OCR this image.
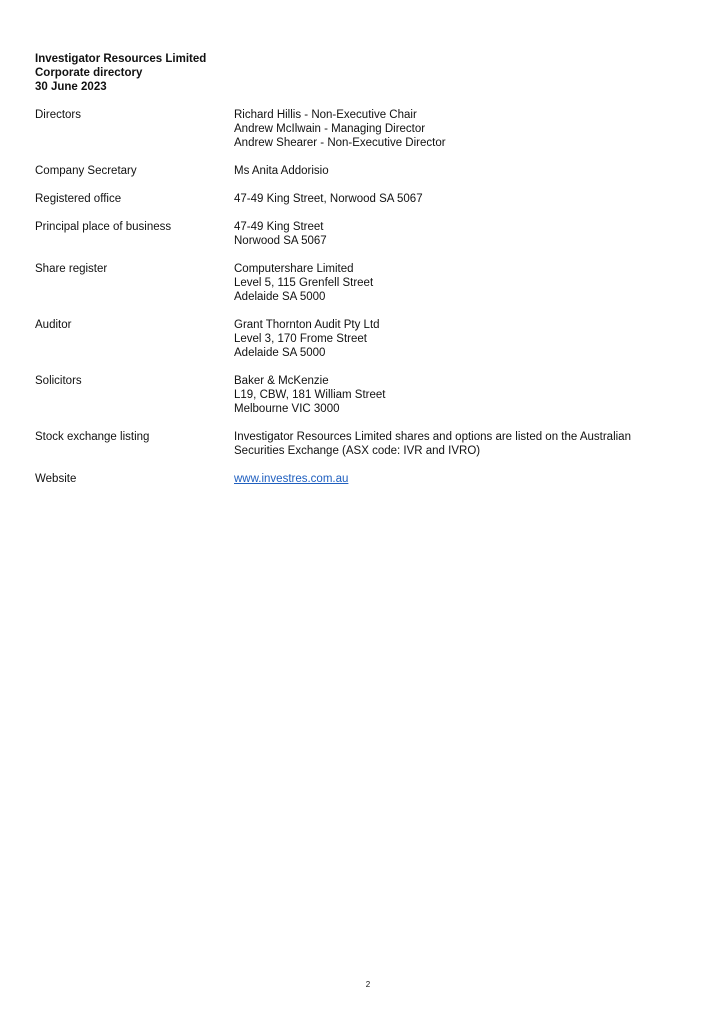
Investigator Resources Limited
Corporate directory
30 June 2023
Directors	Richard Hillis - Non-Executive Chair
Andrew McIlwain - Managing Director
Andrew Shearer - Non-Executive Director
Company Secretary	Ms Anita Addorisio
Registered office	47-49 King Street, Norwood SA 5067
Principal place of business	47-49 King Street
Norwood SA 5067
Share register	Computershare Limited
Level 5, 115 Grenfell Street
Adelaide SA 5000
Auditor	Grant Thornton Audit Pty Ltd
Level 3, 170 Frome Street
Adelaide SA 5000
Solicitors	Baker & McKenzie
L19, CBW, 181 William Street
Melbourne VIC 3000
Stock exchange listing	Investigator Resources Limited shares and options are listed on the Australian
Securities Exchange (ASX code: IVR and IVRO)
Website	www.investres.com.au
2
